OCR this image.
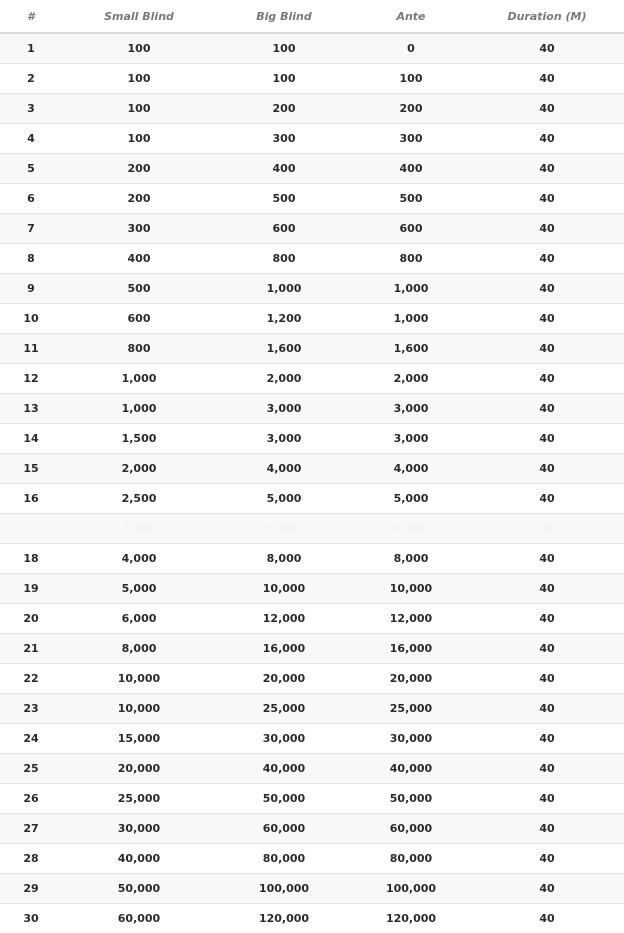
#	Small Blind	Big Blind	Ante	Duration (M)
1	100	100	0	40
2	100	100	100	40
3	100	200	200	40
4	100	300	300	40
5	200	400	400	40
6	200	500	500	40
7	300	600	600	40
8	400	800	800	40
9	500	1,000	1,000	40
10	600	1,200	1,000	40
11	800	1,600	1,600	40
12	1,000	2,000	2,000	40
13	1,000	3,000	3,000	40
14	1,500	3,000	3,000	40
15	2,000	4,000	4,000	40
16	2,500	5,000	5,000	40
17	3,000	6,000	6,000	40
18	4,000	8,000	8,000	40
19	5,000	10,000	10,000	40
20	6,000	12,000	12,000	40
21	8,000	16,000	16,000	40
22	10,000	20,000	20,000	40
23	10,000	25,000	25,000	40
24	15,000	30,000	30,000	40
25	20,000	40,000	40,000	40
26	25,000	50,000	50,000	40
27	30,000	60,000	60,000	40
28	40,000	80,000	80,000	40
29	50,000	100,000	100,000	40
30	60,000	120,000	120,000	40
